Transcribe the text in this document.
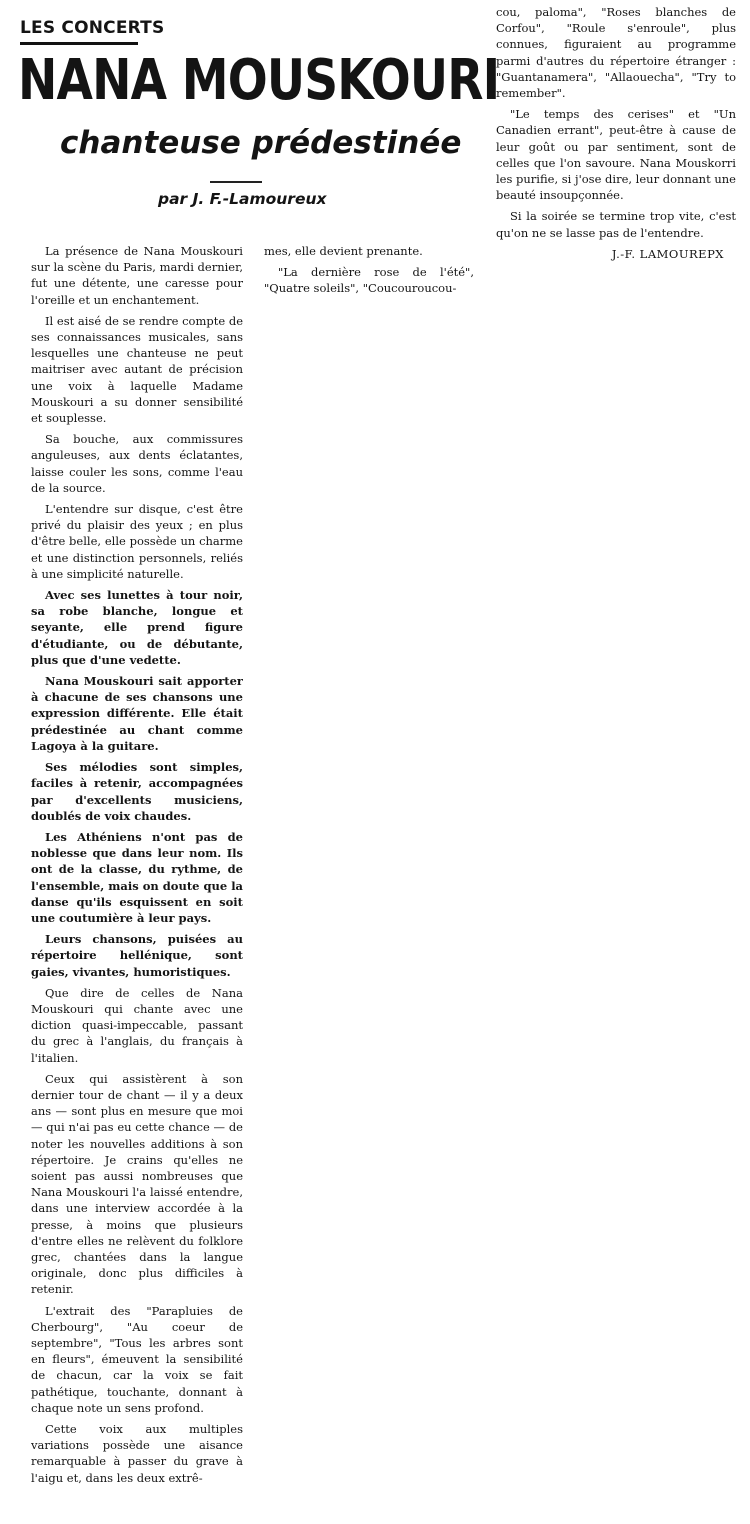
LES CONCERTS
NANA MOUSKOURI
chanteuse prédestinée
par J. F.-Lamoureux

La présence de Nana Mouskouri sur la scène du Paris, mardi dernier, fut une détente, une caresse pour l'oreille et un enchantement.

Il est aisé de se rendre compte de ses connaissances musicales, sans lesquelles une chanteuse ne peut maitriser avec autant de précision une voix à laquelle Madame Mouskouri a su donner sensibilité et souplesse.

Sa bouche, aux commissures anguleuses, aux dents éclatantes, laisse couler les sons, comme l'eau de la source.

L'entendre sur disque, c'est être privé du plaisir des yeux ; en plus d'être belle, elle possède un charme et une distinction personnels, reliés à une simplicité naturelle.

Avec ses lunettes à tour noir, sa robe blanche, longue et seyante, elle prend figure d'étudiante, ou de débutante, plus que d'une vedette.

Nana Mouskouri sait apporter à chacune de ses chansons une expression différente. Elle était prédestinée au chant comme Lagoya à la guitare.

Ses mélodies sont simples, faciles à retenir, accompagnées par d'excellents musiciens, doublés de voix chaudes.

Les Athéniens n'ont pas de noblesse que dans leur nom. Ils ont de la classe, du rythme, de l'ensemble, mais on doute que la danse qu'ils esquissent en soit une coutumière à leur pays.

Leurs chansons, puisées au répertoire hellénique, sont gaies, vivantes, humoristiques.

Que dire de celles de Nana Mouskouri qui chante avec une diction quasi-impeccable, passant du grec à l'anglais, du français à l'italien.

Ceux qui assistèrent à son dernier tour de chant — il y a deux ans — sont plus en mesure que moi — qui n'ai pas eu cette chance — de noter les nouvelles additions à son répertoire. Je crains qu'elles ne soient pas aussi nombreuses que Nana Mouskouri l'a laissé entendre, dans une interview accordée à la presse, à moins que plusieurs d'entre elles ne relèvent du folklore grec, chantées dans la langue originale, donc plus difficiles à retenir.

L'extrait des "Parapluies de Cherbourg", "Au coeur de septembre", "Tous les arbres sont en fleurs", émeuvent la sensibilité de chacun, car la voix se fait pathétique, touchante, donnant à chaque note un sens profond.

Cette voix aux multiples variations possède une aisance remarquable à passer du grave à l'aigu et, dans les deux extrê-

mes, elle devient prenante.

"La dernière rose de l'été", "Quatre soleils", "Coucouroucou-

cou, paloma", "Roses blanches de Corfou", "Roule s'enroule", plus connues, figuraient au programme parmi d'autres du répertoire étranger : "Guantanamera", "Allaouecha", "Try to remember".

"Le temps des cerises" et "Un Canadien errant", peut-être à cause de leur goût ou par sentiment, sont de celles que l'on savoure. Nana Mouskorri les purifie, si j'ose dire, leur donnant une beauté insoupçonnée.

Si la soirée se termine trop vite, c'est qu'on ne se lasse pas de l'entendre.

J.-F. LAMOUREPX
